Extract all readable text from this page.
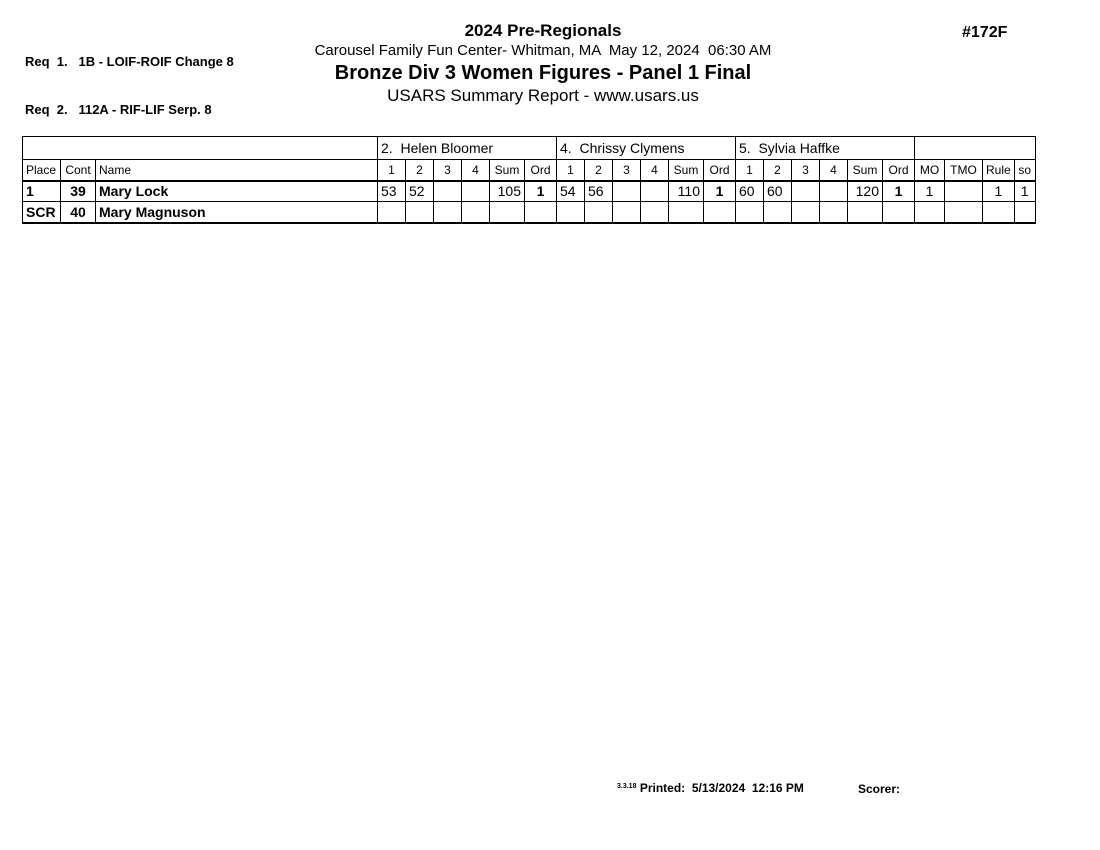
Req  1.   1B - LOIF-ROIF Change 8

Req  2.   112A - RIF-LIF Serp. 8

2024 Pre-Regionals
Carousel Family Fun Center- Whitman, MA  May 12, 2024  06:30 AM
Bronze Div 3 Women Figures - Panel 1 Final
USARS Summary Report - www.usars.us
#172F
			2.  Helen Bloomer						4.  Chrissy Clymens						5.  Sylvia Haffke									
Place	Cont	Name	1	2	3	4	Sum	Ord	1	2	3	4	Sum	Ord	1	2	3	4	Sum	Ord	MO	TMO	Rule	so
1	39	Mary Lock	53	52			105	1	54	56			110	1	60	60			120	1	1		1	1
SCR	40	Mary Magnuson																						
$^{3.3.18}$ Printed:  5/13/2024  12:16 PM	Scorer:
